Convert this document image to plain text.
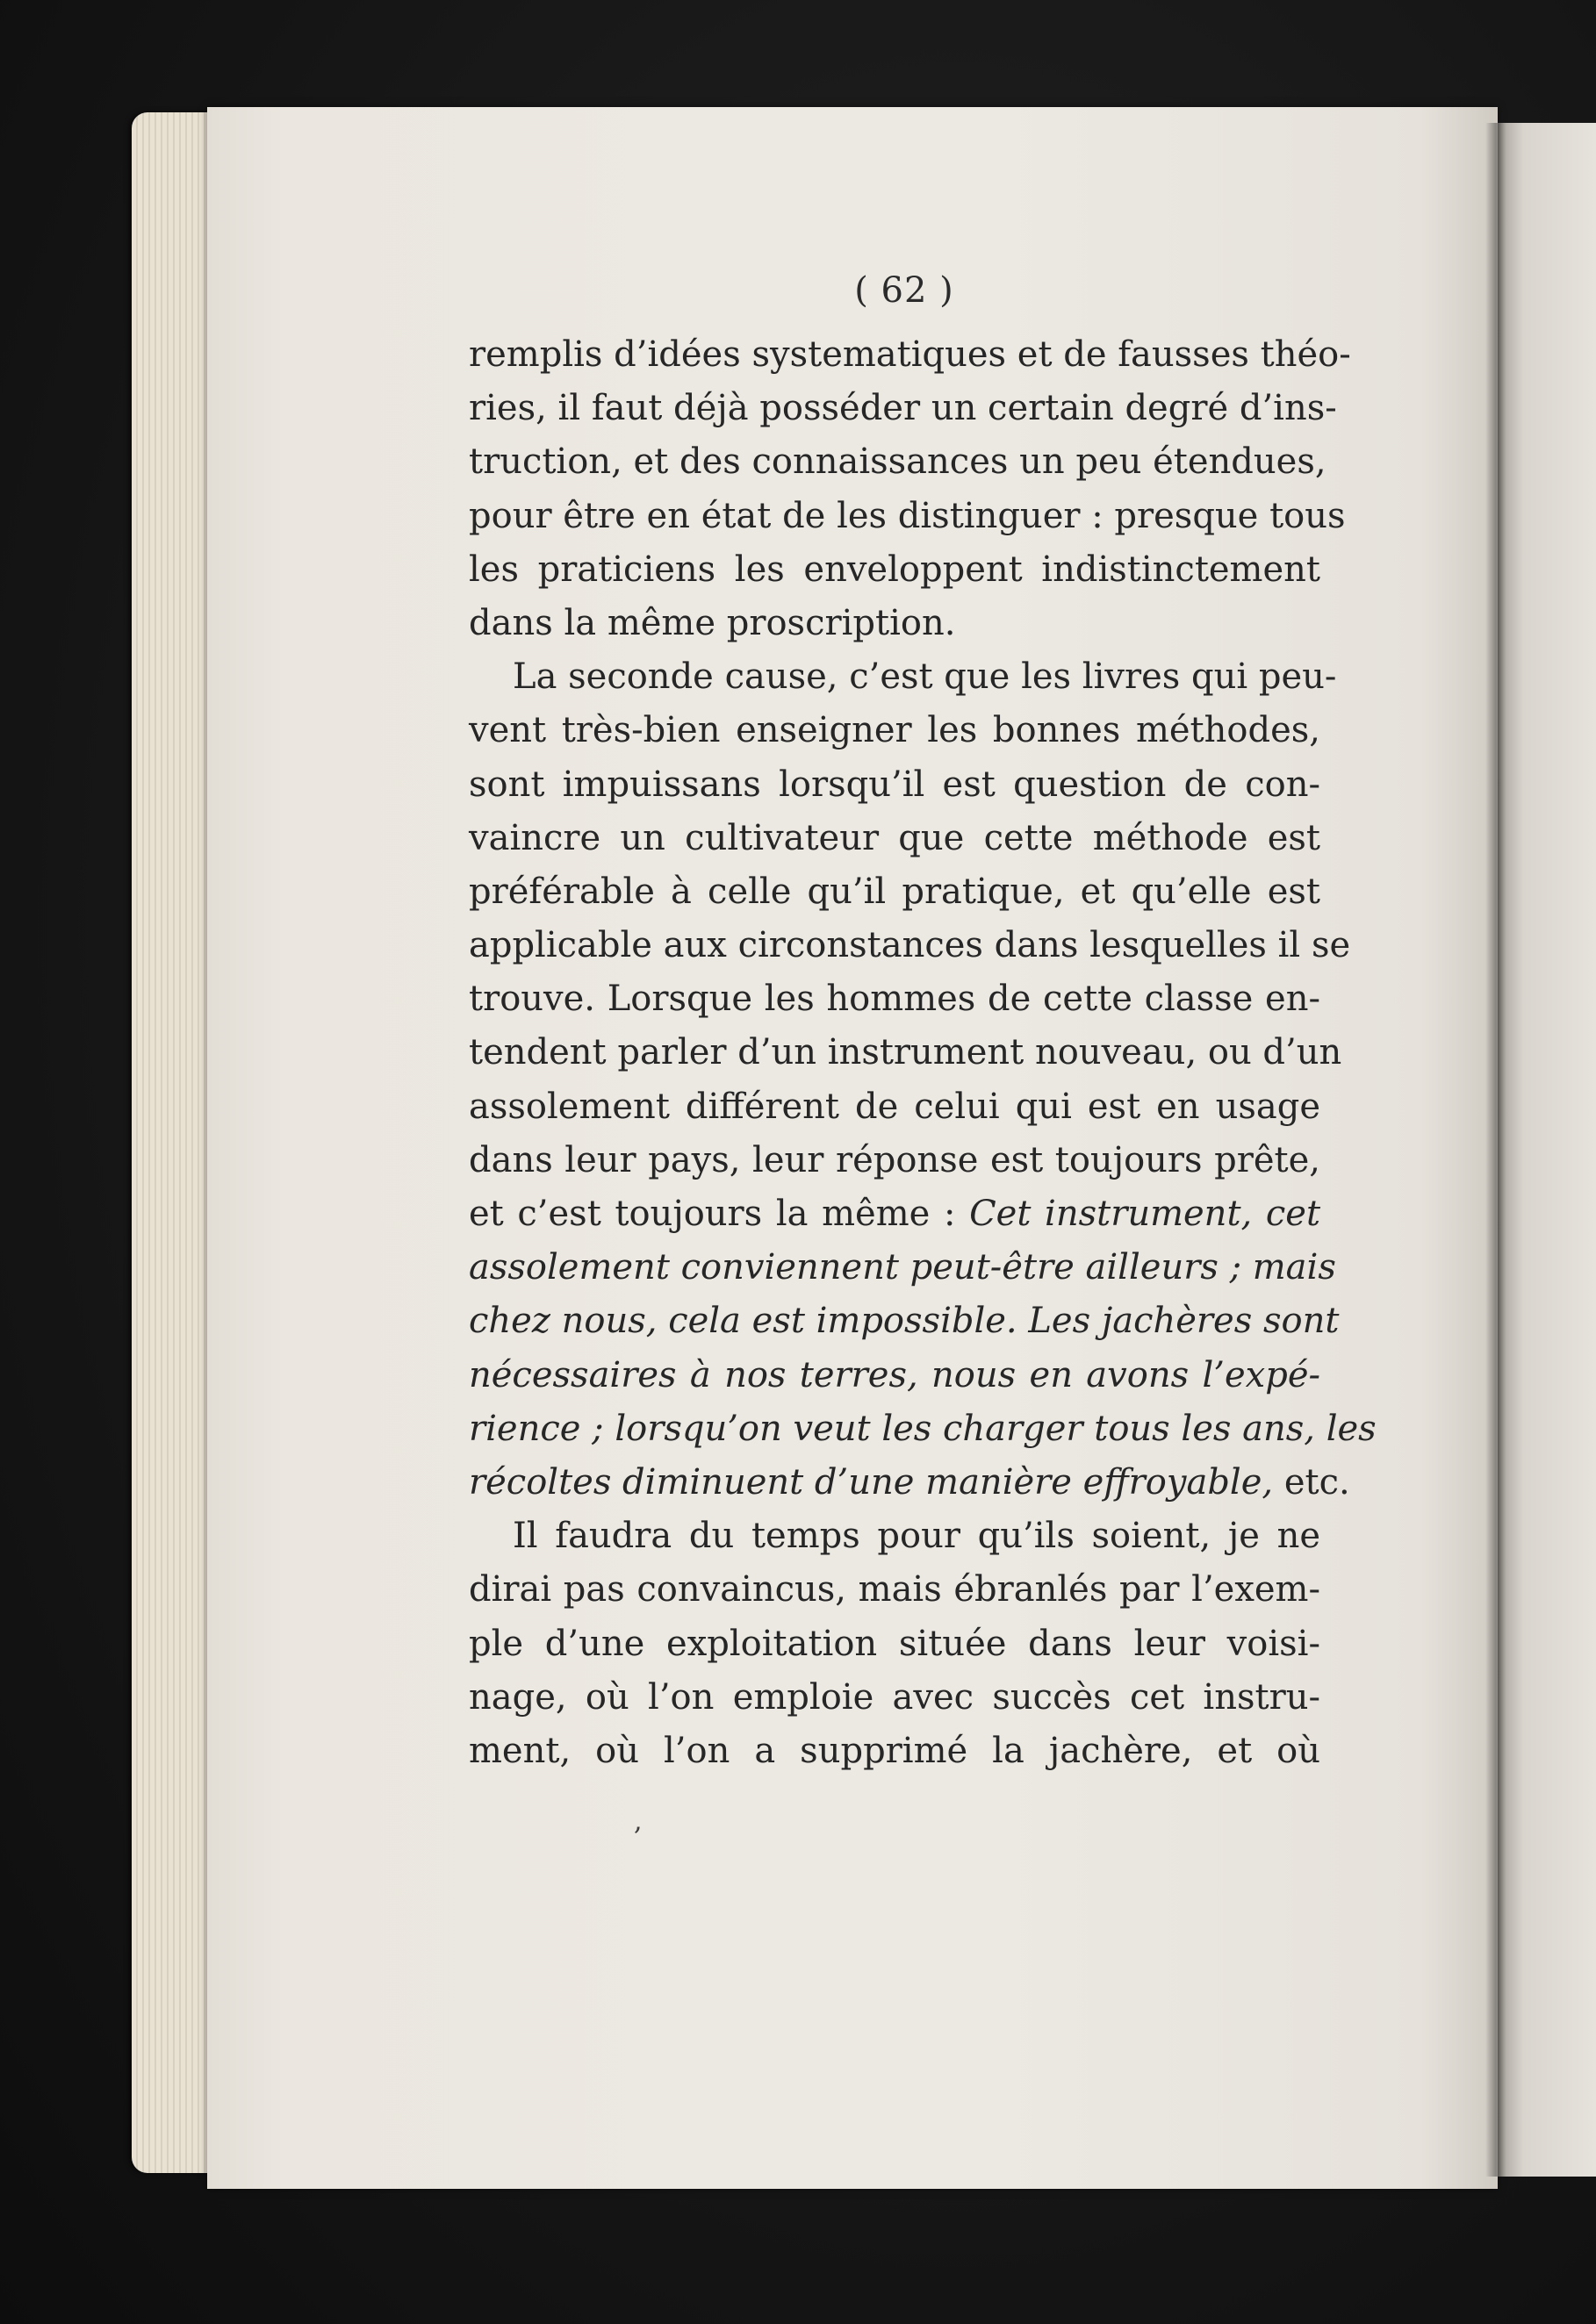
( 62 )
remplis d’idées systematiques et de fausses théo-
ries, il faut déjà posséder un certain degré d’ins-
truction, et des connaissances un peu étendues,
pour être en état de les distinguer : presque tous
les praticiens les enveloppent indistinctement
dans la même proscription.
La seconde cause, c’est que les livres qui peu-
vent très-bien enseigner les bonnes méthodes,
sont impuissans lorsqu’il est question de con-
vaincre un cultivateur que cette méthode est
préférable à celle qu’il pratique, et qu’elle est
applicable aux circonstances dans lesquelles il se
trouve. Lorsque les hommes de cette classe en-
tendent parler d’un instrument nouveau, ou d’un
assolement différent de celui qui est en usage
dans leur pays, leur réponse est toujours prête,
et c’est toujours la même : Cet instrument, cet
assolement conviennent peut-être ailleurs ; mais
chez nous, cela est impossible. Les jachères sont
nécessaires à nos terres, nous en avons l’expé-
rience ; lorsqu’on veut les charger tous les ans, les
récoltes diminuent d’une manière effroyable, etc.
Il faudra du temps pour qu’ils soient, je ne
dirai pas convaincus, mais ébranlés par l’exem-
ple d’une exploitation située dans leur voisi-
nage, où l’on emploie avec succès cet instru-
ment, où l’on a supprimé la jachère, et où
,
